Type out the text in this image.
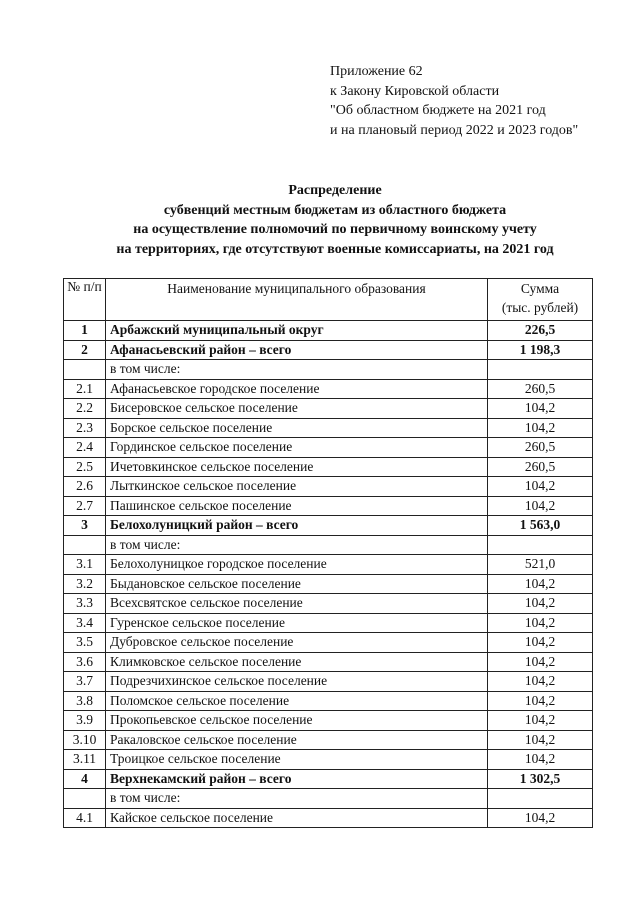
Приложение 62
к Закону Кировской области
"Об областном бюджете на 2021 год
и на плановый период 2022 и 2023 годов"
Распределение
субвенций местным бюджетам из областного бюджета
на осуществление полномочий по первичному воинскому учету
на территориях, где отсутствуют военные комиссариаты, на 2021 год
№ п/п	Наименование муниципального образования	Сумма
(тыс. рублей)

1	Арбажский муниципальный округ	226,5
2	Афанасьевский район – всего	1 198,3
	в том числе:	
2.1	Афанасьевское городское поселение	260,5
2.2	Бисеровское сельское поселение	104,2
2.3	Борское сельское поселение	104,2
2.4	Гординское сельское поселение	260,5
2.5	Ичетовкинское сельское поселение	260,5
2.6	Лыткинское сельское поселение	104,2
2.7	Пашинское сельское поселение	104,2
3	Белохолуницкий район – всего	1 563,0
	в том числе:	
3.1	Белохолуницкое городское поселение	521,0
3.2	Быдановское сельское поселение	104,2
3.3	Всехсвятское сельское поселение	104,2
3.4	Гуренское сельское поселение	104,2
3.5	Дубровское сельское поселение	104,2
3.6	Климковское сельское поселение	104,2
3.7	Подрезчихинское сельское поселение	104,2
3.8	Поломское сельское поселение	104,2
3.9	Прокопьевское сельское поселение	104,2
3.10	Ракаловское сельское поселение	104,2
3.11	Троицкое сельское поселение	104,2
4	Верхнекамский район – всего	1 302,5
	в том числе:	
4.1	Кайское сельское поселение	104,2
